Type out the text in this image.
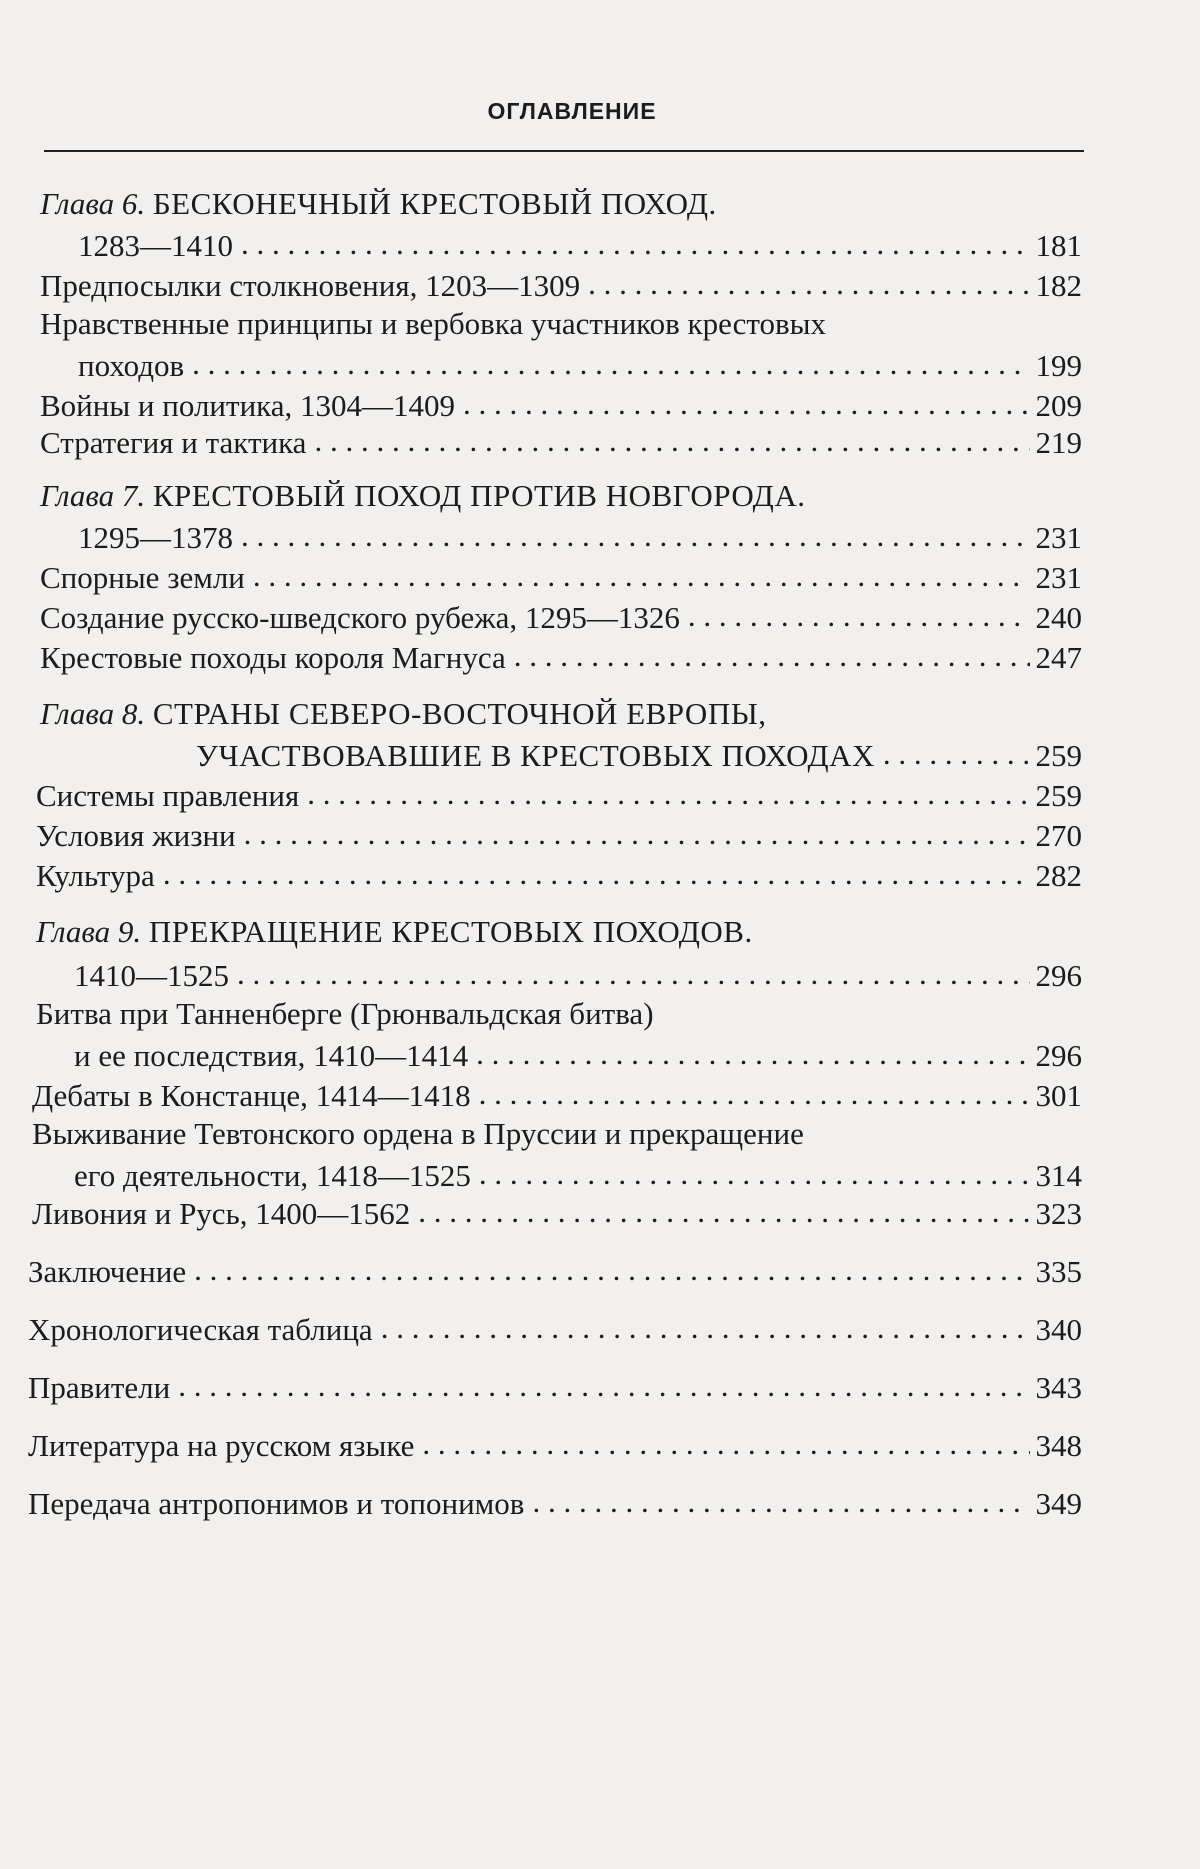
ОГЛАВЛЕНИЕ
Глава 6. БЕСКОНЕЧНЫЙ КРЕСТОВЫЙ ПОХОД.
1283—1410 . . .	181
Предпосылки столкновения, 1203—1309 . . .	182
Нравственные принципы и вербовка участников крестовых
походов . . .	199
Войны и политика, 1304—1409 . . .	209
Стратегия и тактика . . .	219
Глава 7. КРЕСТОВЫЙ ПОХОД ПРОТИВ НОВГОРОДА.
1295—1378 . . .	231
Спорные земли . . .	231
Создание русско-шведского рубежа, 1295—1326 . . .	240
Крестовые походы короля Магнуса . . .	247
Глава 8. СТРАНЫ СЕВЕРО-ВОСТОЧНОЙ ЕВРОПЫ,
УЧАСТВОВАВШИЕ В КРЕСТОВЫХ ПОХОДАХ . . .	259
Системы правления . . .	259
Условия жизни . . .	270
Культура . . .	282
Глава 9. ПРЕКРАЩЕНИЕ КРЕСТОВЫХ ПОХОДОВ.
1410—1525 . . .	296
Битва при Танненберге (Грюнвальдская битва)
и ее последствия, 1410—1414 . . .	296
Дебаты в Констанце, 1414—1418 . . .	301
Выживание Тевтонского ордена в Пруссии и прекращение
его деятельности, 1418—1525 . . .	314
Ливония и Русь, 1400—1562 . . .	323
Заключение . . .	335
Хронологическая таблица . . .	340
Правители . . .	343
Литература на русском языке . . .	348
Передача антропонимов и топонимов . . .	349
